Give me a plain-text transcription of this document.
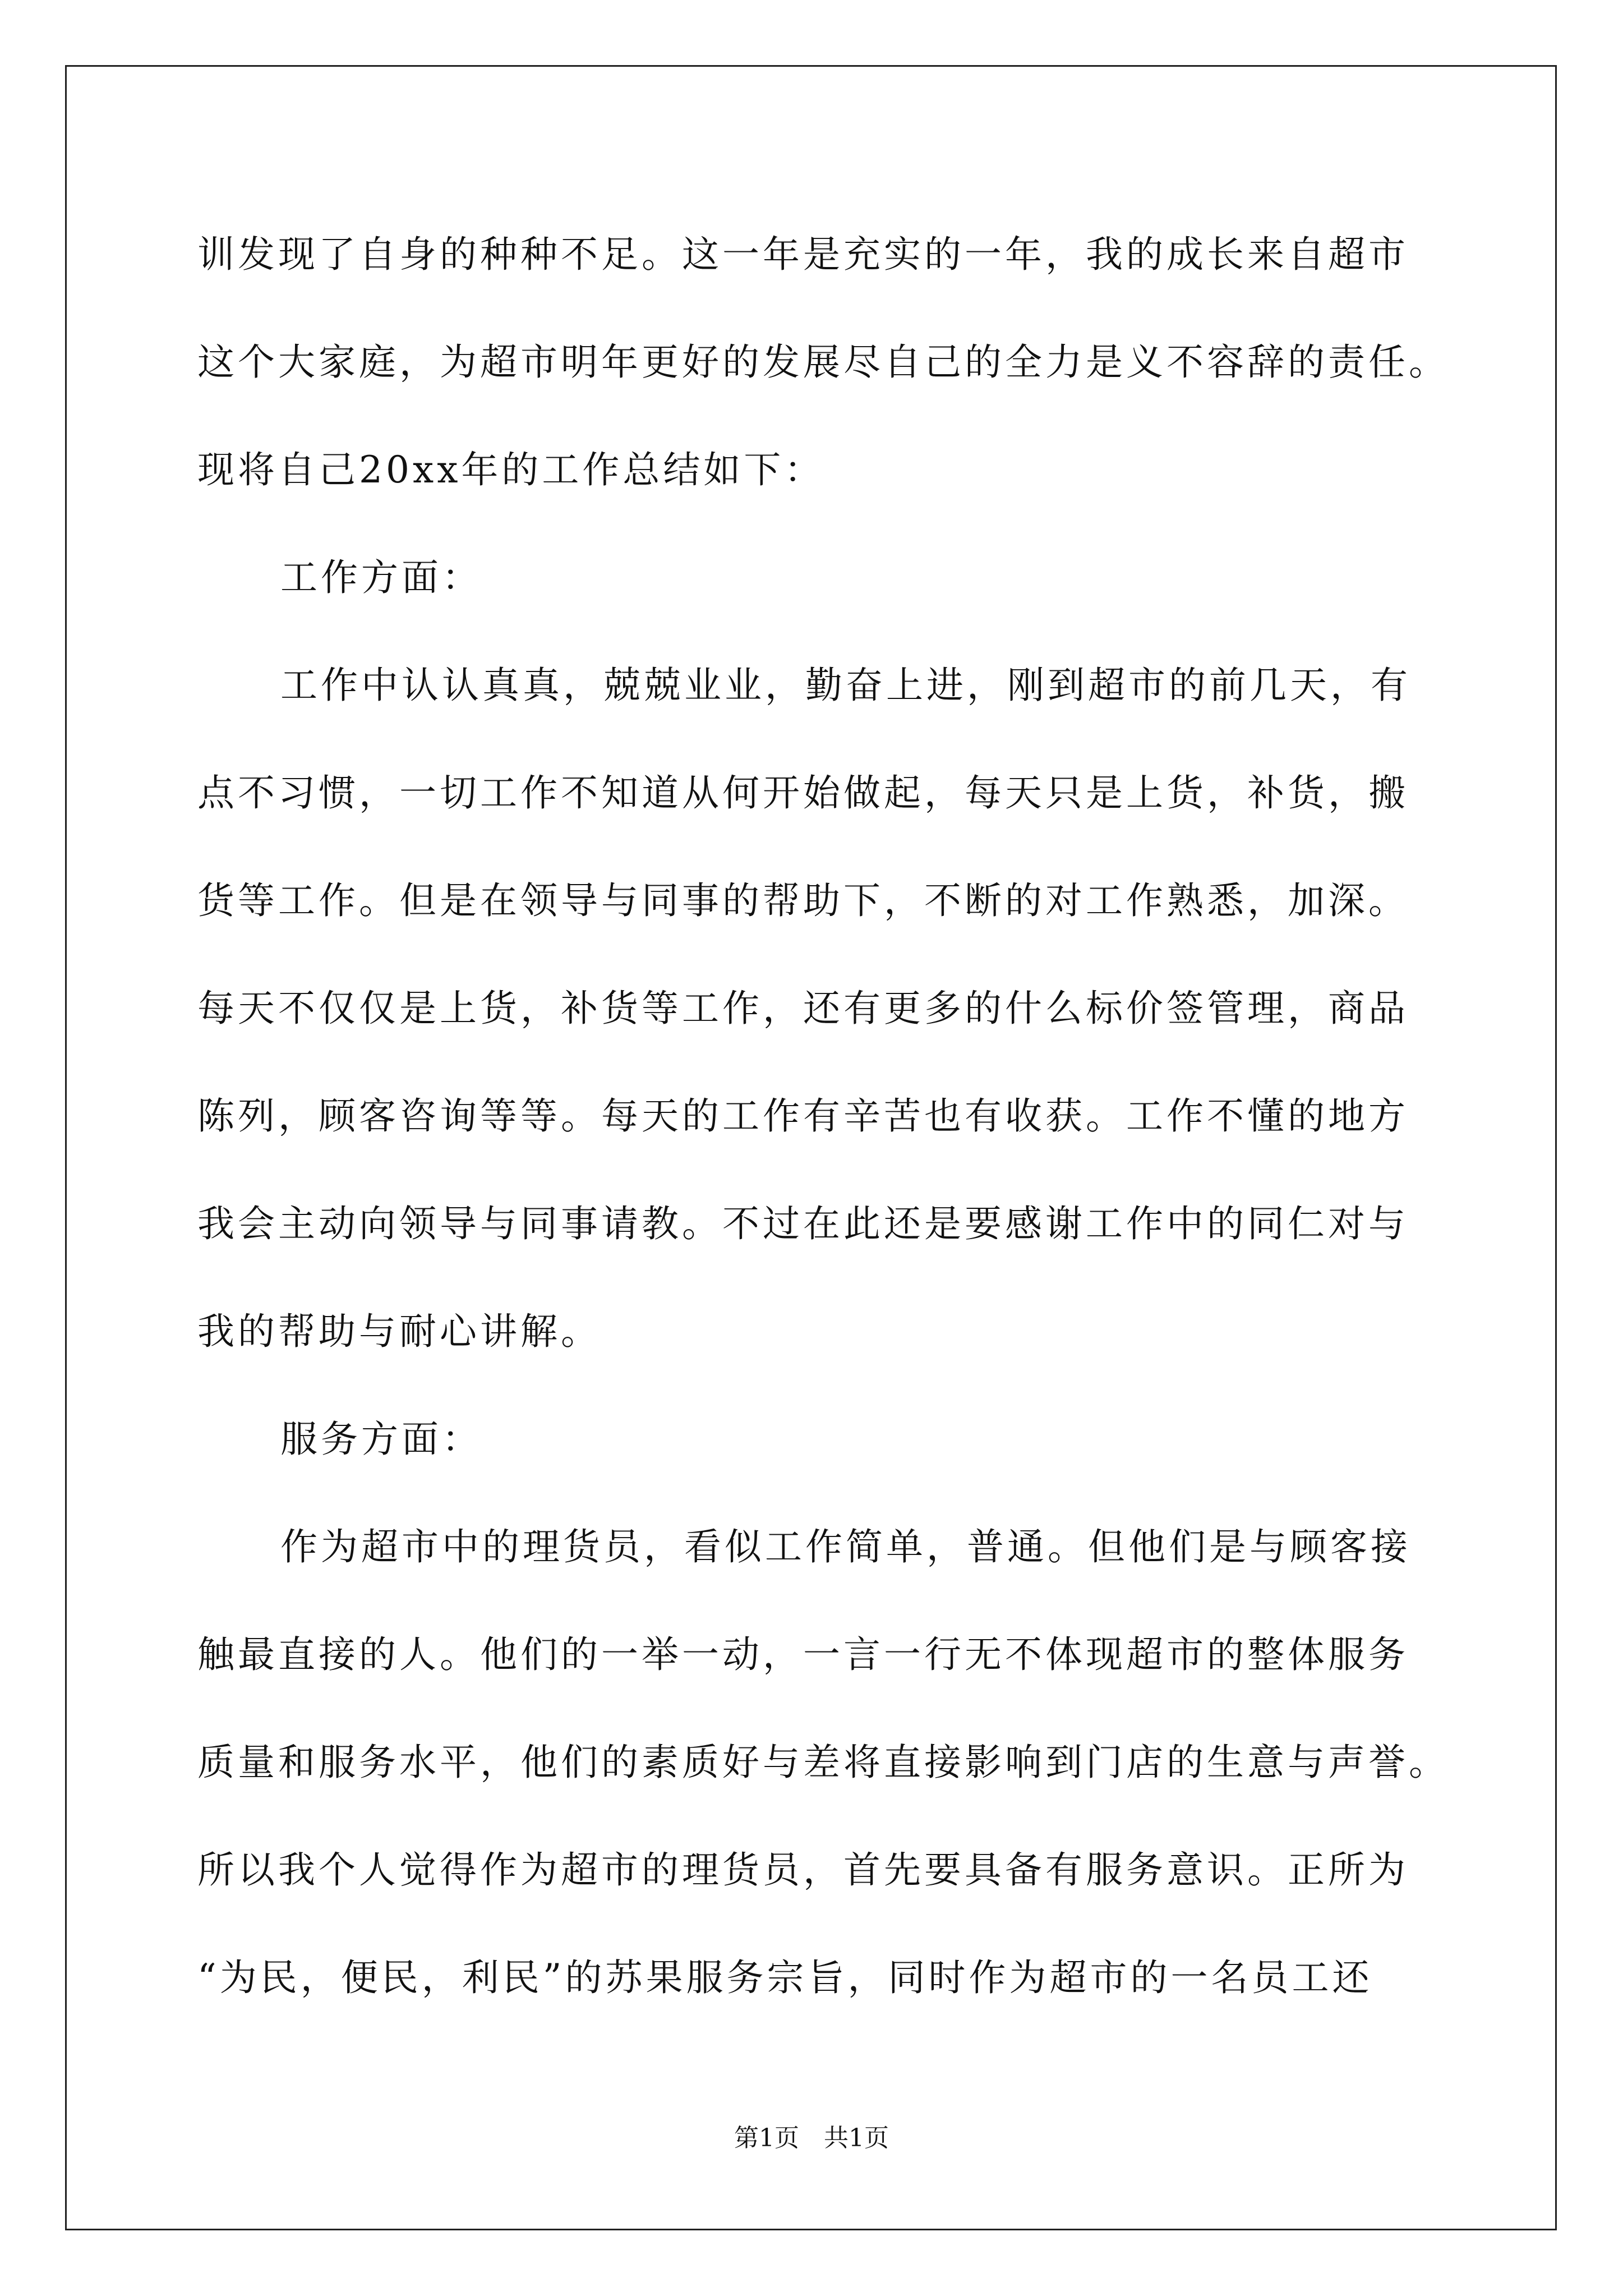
训发现了自身的种种不足。这一年是充实的一年，我的成长来自超市
这个大家庭，为超市明年更好的发展尽自己的全力是义不容辞的责任。
现将自己20xx年的工作总结如下：
工作方面：
工作中认认真真，兢兢业业，勤奋上进，刚到超市的前几天，有
点不习惯，一切工作不知道从何开始做起，每天只是上货，补货，搬
货等工作。但是在领导与同事的帮助下，不断的对工作熟悉，加深。
每天不仅仅是上货，补货等工作，还有更多的什么标价签管理，商品
陈列，顾客咨询等等。每天的工作有辛苦也有收获。工作不懂的地方
我会主动向领导与同事请教。不过在此还是要感谢工作中的同仁对与
我的帮助与耐心讲解。
服务方面：
作为超市中的理货员，看似工作简单，普通。但他们是与顾客接
触最直接的人。他们的一举一动，一言一行无不体现超市的整体服务
质量和服务水平，他们的素质好与差将直接影响到门店的生意与声誉。
所以我个人觉得作为超市的理货员，首先要具备有服务意识。正所为
“为民，便民，利民”的苏果服务宗旨，同时作为超市的一名员工还
第1页 共1页
